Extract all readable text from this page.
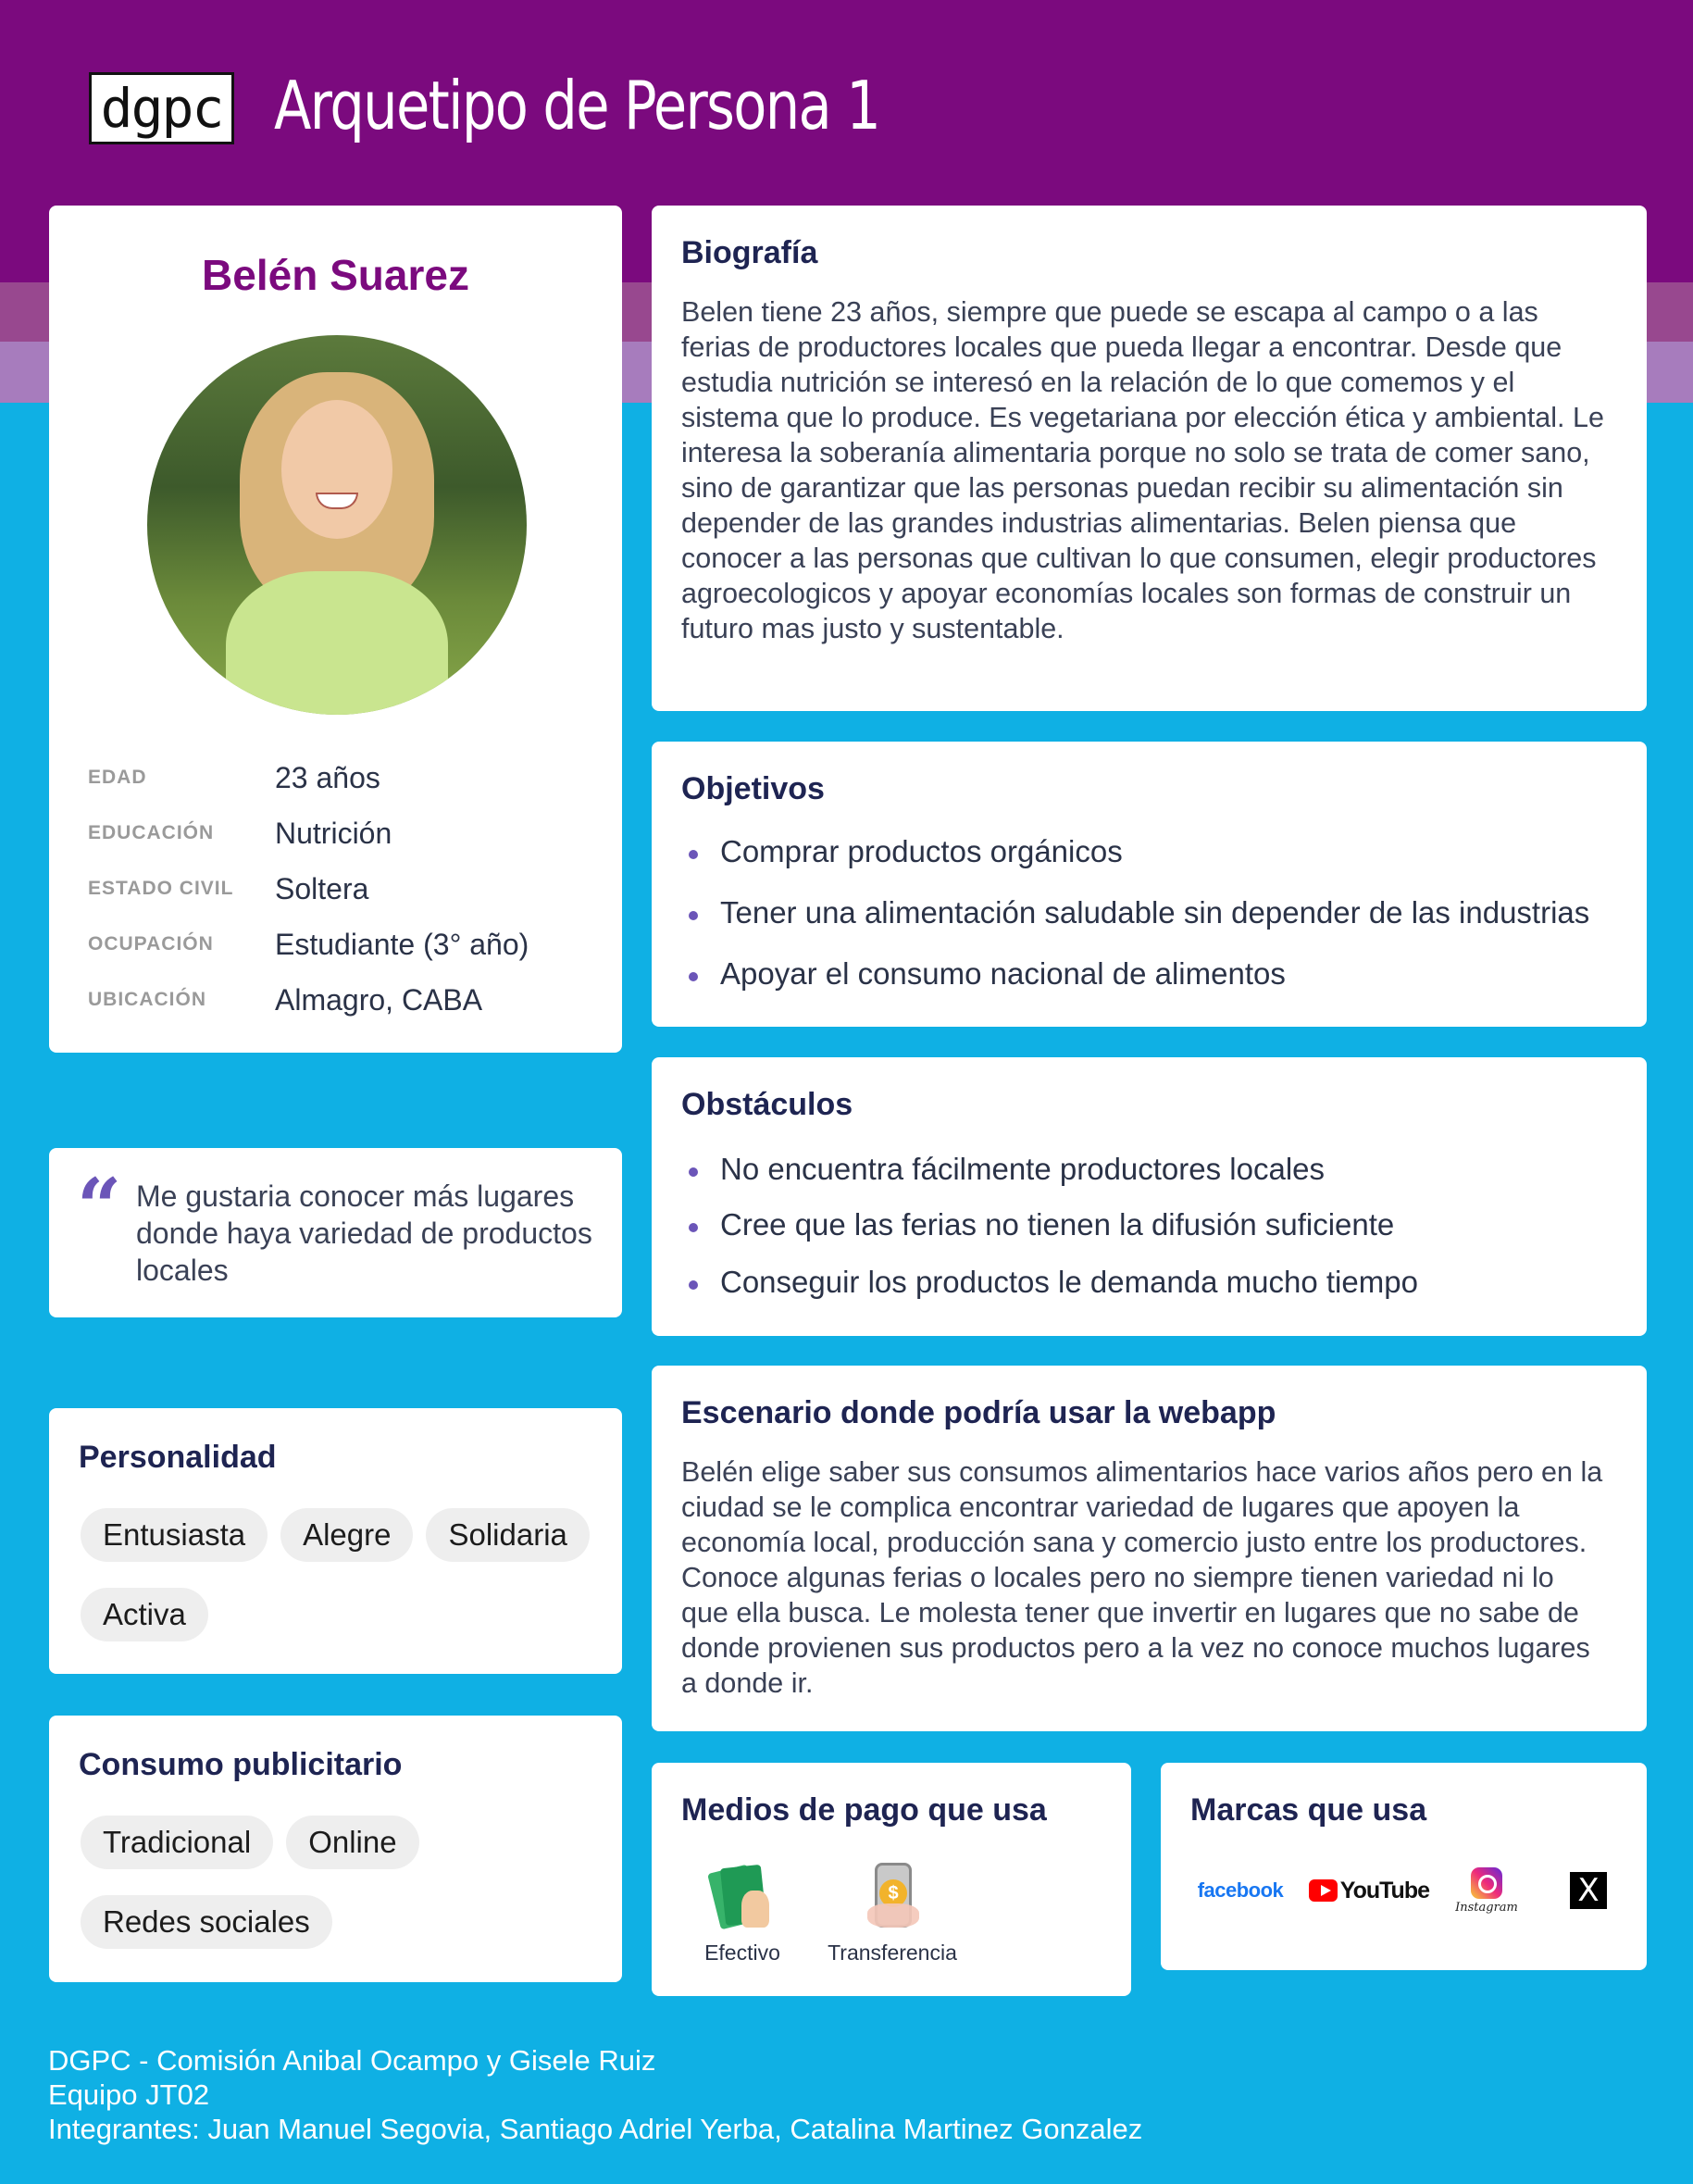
dgpc Arquetipo de Persona 1
Belén Suarez
EDAD	23 años
EDUCACIÓN	Nutrición
ESTADO CIVIL	Soltera
OCUPACIÓN	Estudiante (3° año)
UBICACIÓN	Almagro, CABA
“ Me gustaria conocer más lugares donde haya variedad de productos locales
Personalidad
Entusiasta	Alegre	Solidaria
Activa
Consumo publicitario
Tradicional	Online
Redes sociales
Biografía
Belen tiene 23 años, siempre que puede se escapa al campo o a las ferias de productores locales que pueda llegar a encontrar. Desde que estudia nutrición se interesó en la relación de lo que comemos y el sistema que lo produce. Es vegetariana por elección ética y ambiental. Le interesa la soberanía alimentaria porque no solo se trata de comer sano, sino de garantizar que las personas puedan recibir su alimentación sin depender de las grandes industrias alimentarias. Belen piensa que conocer a las personas que cultivan lo que consumen, elegir productores agroecologicos y apoyar economías locales son formas de construir un futuro mas justo y sustentable.
Objetivos
Comprar productos orgánicos
Tener una alimentación saludable sin depender de las industrias
Apoyar el consumo nacional de alimentos
Obstáculos
No encuentra fácilmente productores locales
Cree que las ferias no tienen la difusión suficiente
Conseguir los productos le demanda mucho tiempo
Escenario donde podría usar la webapp
Belén elige saber sus consumos alimentarios hace varios años pero en la ciudad se le complica encontrar variedad de lugares que apoyen la economía local, producción sana y comercio justo entre los productores. Conoce algunas ferias o locales pero no siempre tienen variedad ni lo que ella busca. Le molesta tener que invertir en lugares que no sabe de donde provienen sus productos pero a la vez no conoce muchos lugares a donde ir.
Medios de pago que usa
Efectivo
$
Transferencia
Marcas que usa
facebook YouTube
Instagram X
DGPC - Comisión Anibal Ocampo y Gisele Ruiz
Equipo JT02
Integrantes: Juan Manuel Segovia, Santiago Adriel Yerba, Catalina Martinez Gonzalez
